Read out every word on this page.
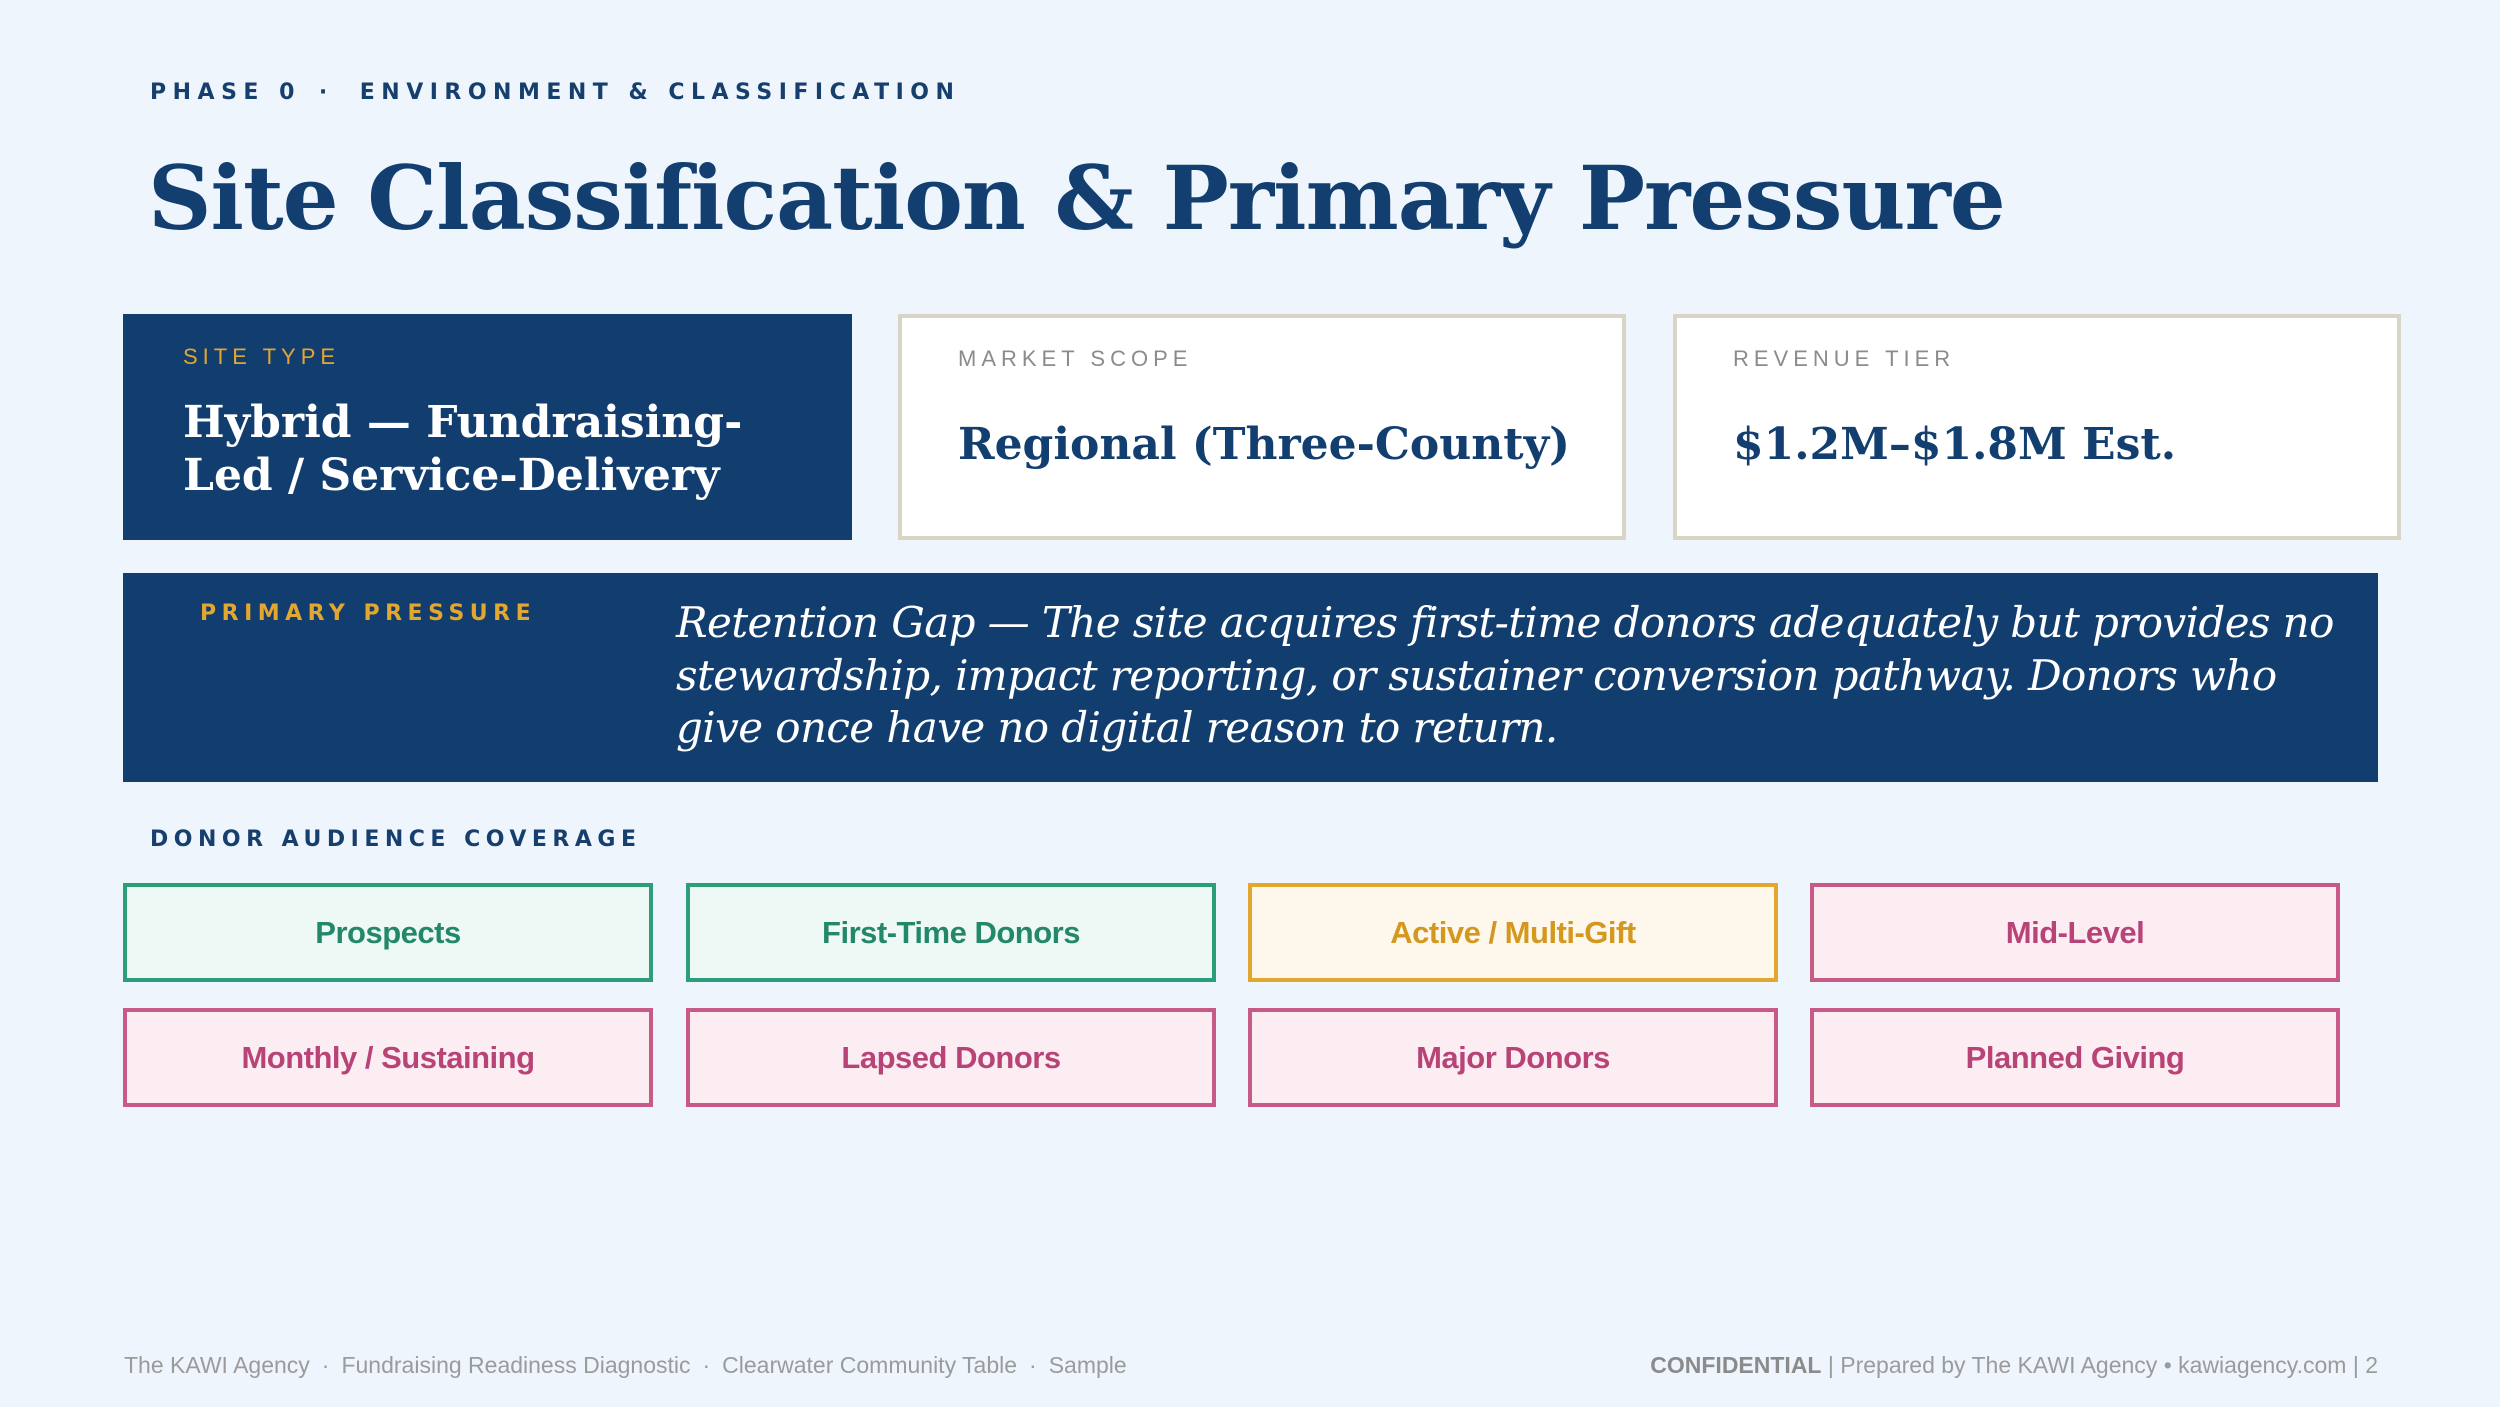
PHASE 0 · ENVIRONMENT & CLASSIFICATION
Site Classification & Primary Pressure
SITE TYPE
Hybrid — Fundraising-Led / Service-Delivery
MARKET SCOPE
Regional (Three-County)
REVENUE TIER
$1.2M–$1.8M Est.
PRIMARY PRESSURE	Retention Gap — The site acquires first-time donors adequately but provides no stewardship, impact reporting, or sustainer conversion pathway. Donors who give once have no digital reason to return.
DONOR AUDIENCE COVERAGE
Prospects	First-Time Donors	Active / Multi-Gift	Mid-Level
Monthly / Sustaining	Lapsed Donors	Major Donors	Planned Giving
The KAWI Agency · Fundraising Readiness Diagnostic · Clearwater Community Table · Sample	CONFIDENTIAL | Prepared by The KAWI Agency • kawiagency.com | 2
